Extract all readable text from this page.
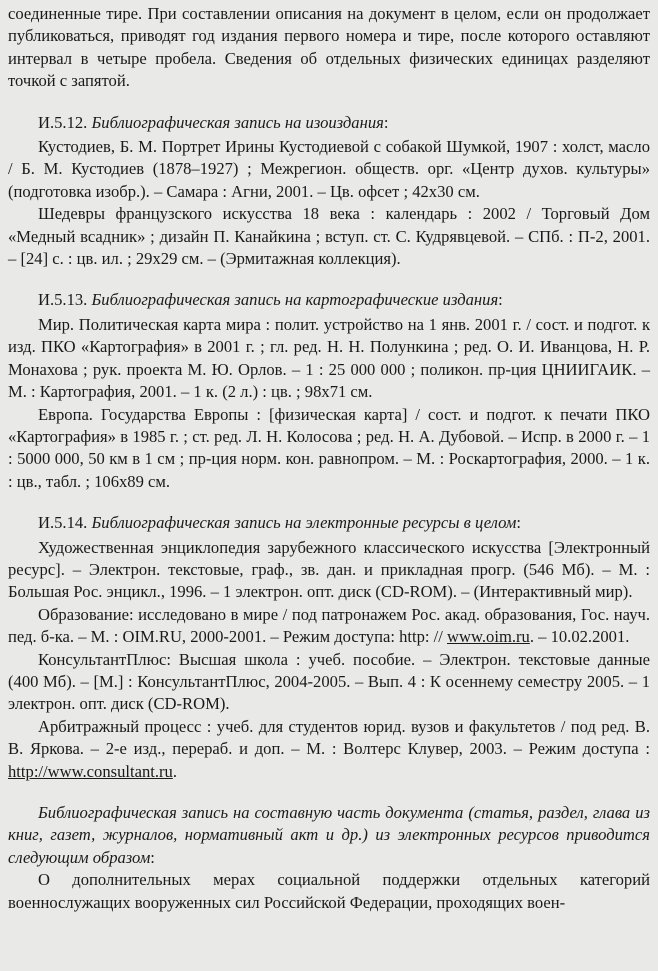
соединенные тире. При составлении описания на документ в целом, если он продолжает публиковаться, приводят год издания первого номера и тире, после которого оставляют интервал в четыре пробела. Сведения об отдельных физических единицах разделяют точкой с запятой.

И.5.12. Библиографическая запись на изоиздания:

Кустодиев, Б. М. Портрет Ирины Кустодиевой с собакой Шумкой, 1907 : холст, масло / Б. М. Кустодиев (1878–1927) ; Межрегион. обществ. орг. «Центр духов. культуры» (подготовка изобр.). – Самара : Агни, 2001. – Цв. офсет ; 42x30 см.

Шедевры французского искусства 18 века : календарь : 2002 / Торговый Дом «Медный всадник» ; дизайн П. Канайкина ; вступ. ст. С. Кудрявцевой. – СПб. : П-2, 2001. – [24] с. : цв. ил. ; 29x29 см. – (Эрмитажная коллекция).

И.5.13. Библиографическая запись на картографические издания:

Мир. Политическая карта мира : полит. устройство на 1 янв. 2001 г. / сост. и подгот. к изд. ПКО «Картография» в 2001 г. ; гл. ред. Н. Н. Полункина ; ред. О. И. Иванцова, Н. Р. Монахова ; рук. проекта М. Ю. Орлов. – 1 : 25 000 000 ; поликон. пр-ция ЦНИИГАИК. – М. : Картография, 2001. – 1 к. (2 л.) : цв. ; 98x71 см.

Европа. Государства Европы : [физическая карта] / сост. и подгот. к печати ПКО «Картография» в 1985 г. ; ст. ред. Л. Н. Колосова ; ред. Н. А. Дубовой. – Испр. в 2000 г. – 1 : 5000 000, 50 км в 1 см ; пр-ция норм. кон. равнопром. – М. : Роскартография, 2000. – 1 к. : цв., табл. ; 106x89 см.

И.5.14. Библиографическая запись на электронные ресурсы в целом:

Художественная энциклопедия зарубежного классического искусства [Электронный ресурс]. – Электрон. текстовые, граф., зв. дан. и прикладная прогр. (546 Мб). – М. : Большая Рос. энцикл., 1996. – 1 электрон. опт. диск (CD-ROM). – (Интерактивный мир).

Образование: исследовано в мире / под патронажем Рос. акад. образования, Гос. науч. пед. б-ка. – М. : OIM.RU, 2000-2001. – Режим доступа: http: // www.oim.ru. – 10.02.2001.

КонсультантПлюс: Высшая школа : учеб. пособие. – Электрон. текстовые данные (400 Мб). – [М.] : КонсультантПлюс, 2004-2005. – Вып. 4 : К осеннему семестру 2005. – 1 электрон. опт. диск (CD-ROM).

Арбитражный процесс : учеб. для студентов юрид. вузов и факультетов / под ред. В. В. Яркова. – 2-е изд., перераб. и доп. – М. : Волтерс Клувер, 2003. – Режим доступа : http://www.consultant.ru.

Библиографическая запись на составную часть документа (статья, раздел, глава из книг, газет, журналов, нормативный акт и др.) из электронных ресурсов приводится следующим образом:

О дополнительных мерах социальной поддержки отдельных категорий военнослужащих вооруженных сил Российской Федерации, проходящих воен-
